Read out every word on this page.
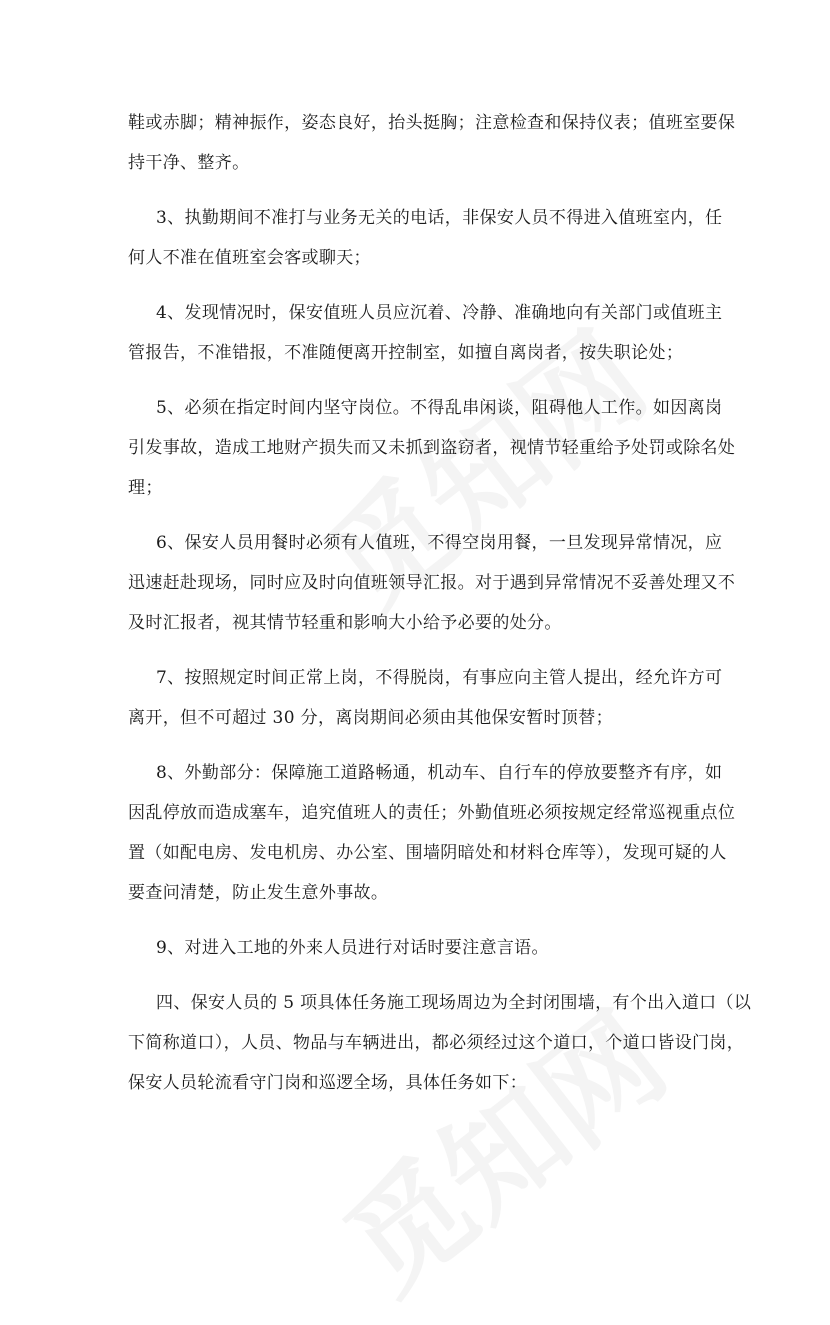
鞋或赤脚；精神振作，姿态良好，抬头挺胸；注意检查和保持仪表；值班室要保
持干净、整齐。

3、执勤期间不准打与业务无关的电话，非保安人员不得进入值班室内，任
何人不准在值班室会客或聊天；

4、发现情况时，保安值班人员应沉着、冷静、准确地向有关部门或值班主
管报告，不准错报，不准随便离开控制室，如擅自离岗者，按失职论处；

5、必须在指定时间内坚守岗位。不得乱串闲谈，阻碍他人工作。如因离岗
引发事故，造成工地财产损失而又未抓到盗窃者，视情节轻重给予处罚或除名处
理；

6、保安人员用餐时必须有人值班，不得空岗用餐，一旦发现异常情况，应
迅速赶赴现场，同时应及时向值班领导汇报。对于遇到异常情况不妥善处理又不
及时汇报者，视其情节轻重和影响大小给予必要的处分。

7、按照规定时间正常上岗，不得脱岗，有事应向主管人提出，经允许方可
离开，但不可超过 30 分，离岗期间必须由其他保安暂时顶替；

8、外勤部分：保障施工道路畅通，机动车、自行车的停放要整齐有序，如
因乱停放而造成塞车，追究值班人的责任；外勤值班必须按规定经常巡视重点位
置（如配电房、发电机房、办公室、围墙阴暗处和材料仓库等），发现可疑的人
要查问清楚，防止发生意外事故。

9、对进入工地的外来人员进行对话时要注意言语。

四、保安人员的 5 项具体任务施工现场周边为全封闭围墙，有个出入道口（以
下简称道口），人员、物品与车辆进出，都必须经过这个道口，个道口皆设门岗，
保安人员轮流看守门岗和巡逻全场，具体任务如下：
